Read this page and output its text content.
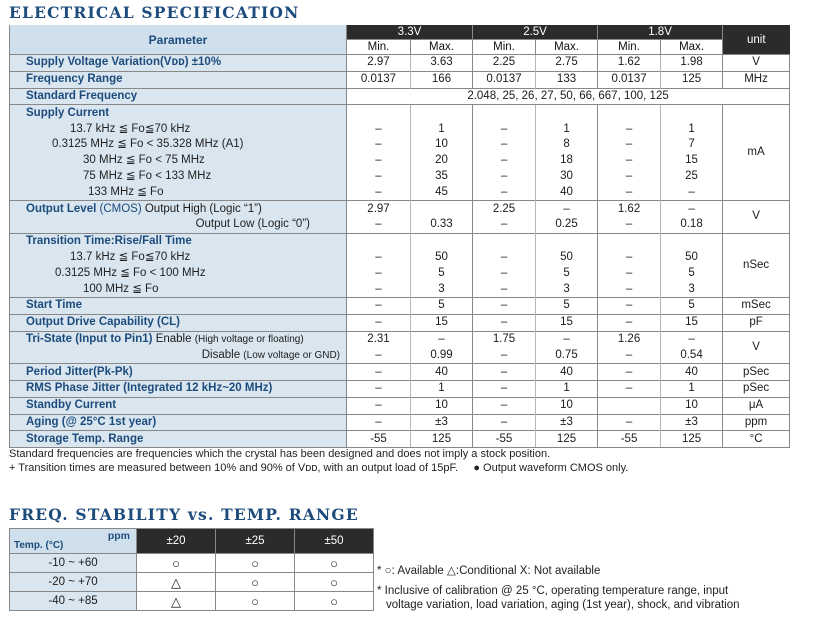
ELECTRICAL SPECIFICATION
Parameter	3.3V		2.5V		1.8V		unit
	Min.	Max.	Min.	Max.	Min.	Max.	
Supply Voltage Variation(Vᴅᴅ) ±10%	2.97	3.63	2.25	2.75	1.62	1.98	V
Frequency Range	0.0137	166	0.0137	133	0.0137	125	MHz
Standard Frequency	2.048, 25, 26, 27, 50, 66, 667, 100, 125						
Supply Current							mA
13.7 kHz ≦ Fo≦70 kHz	–	1	–	1	–	1	
0.3125 MHz ≦ Fo < 35.328 MHz (A1)	–	10	–	8	–	7	
30 MHz ≦ Fo < 75 MHz	–	20	–	18	–	15	
75 MHz ≦ Fo < 133 MHz	–	35	–	30	–	25	
133 MHz ≦ Fo	–	45	–	40	–	–	
Output Level (CMOS) Output High (Logic “1”)	2.97		2.25	–	1.62	–	V
Output Low (Logic “0”)	–	0.33	–	0.25	–	0.18	
Transition Time:Rise/Fall Time							nSec
13.7 kHz ≦ Fo≦70 kHz	–	50	–	50	–	50	
0.3125 MHz ≦ Fo < 100 MHz	–	5	–	5	–	5	
100 MHz ≦ Fo	–	3	–	3	–	3	
Start Time	–	5	–	5	–	5	mSec
Output Drive Capability (CL)	–	15	–	15	–	15	pF
Tri-State (Input to Pin1) Enable (High voltage or floating)	2.31	–	1.75	–	1.26	–	V
Disable (Low voltage or GND)	–	0.99	–	0.75	–	0.54	
Period Jitter(Pk-Pk)	–	40	–	40	–	40	pSec
RMS Phase Jitter (Integrated 12 kHz~20 MHz)	–	1	–	1	–	1	pSec
Standby Current	–	10	–	10		10	μA
Aging (@ 25°C 1st year)	–	±3	–	±3	–	±3	ppm
Storage Temp. Range	-55	125	-55	125	-55	125	°C
Standard frequencies are frequencies which the crystal has been designed and does not imply a stock position.
+ Transition times are measured between 10% and 90% of Vᴅᴅ, with an output load of 15pF. ● Output waveform CMOS only.
FREQ. STABILITY vs. TEMP. RANGE
ppm
Temp. (°C)	±20	±25	±50
-10 ~ +60	○	○	○
-20 ~ +70	△	○	○
-40 ~ +85	△	○	○
* ○: Available △:Conditional X: Not available
* Inclusive of calibration @ 25 °C, operating temperature range, input
voltage variation, load variation, aging (1st year), shock, and vibration
